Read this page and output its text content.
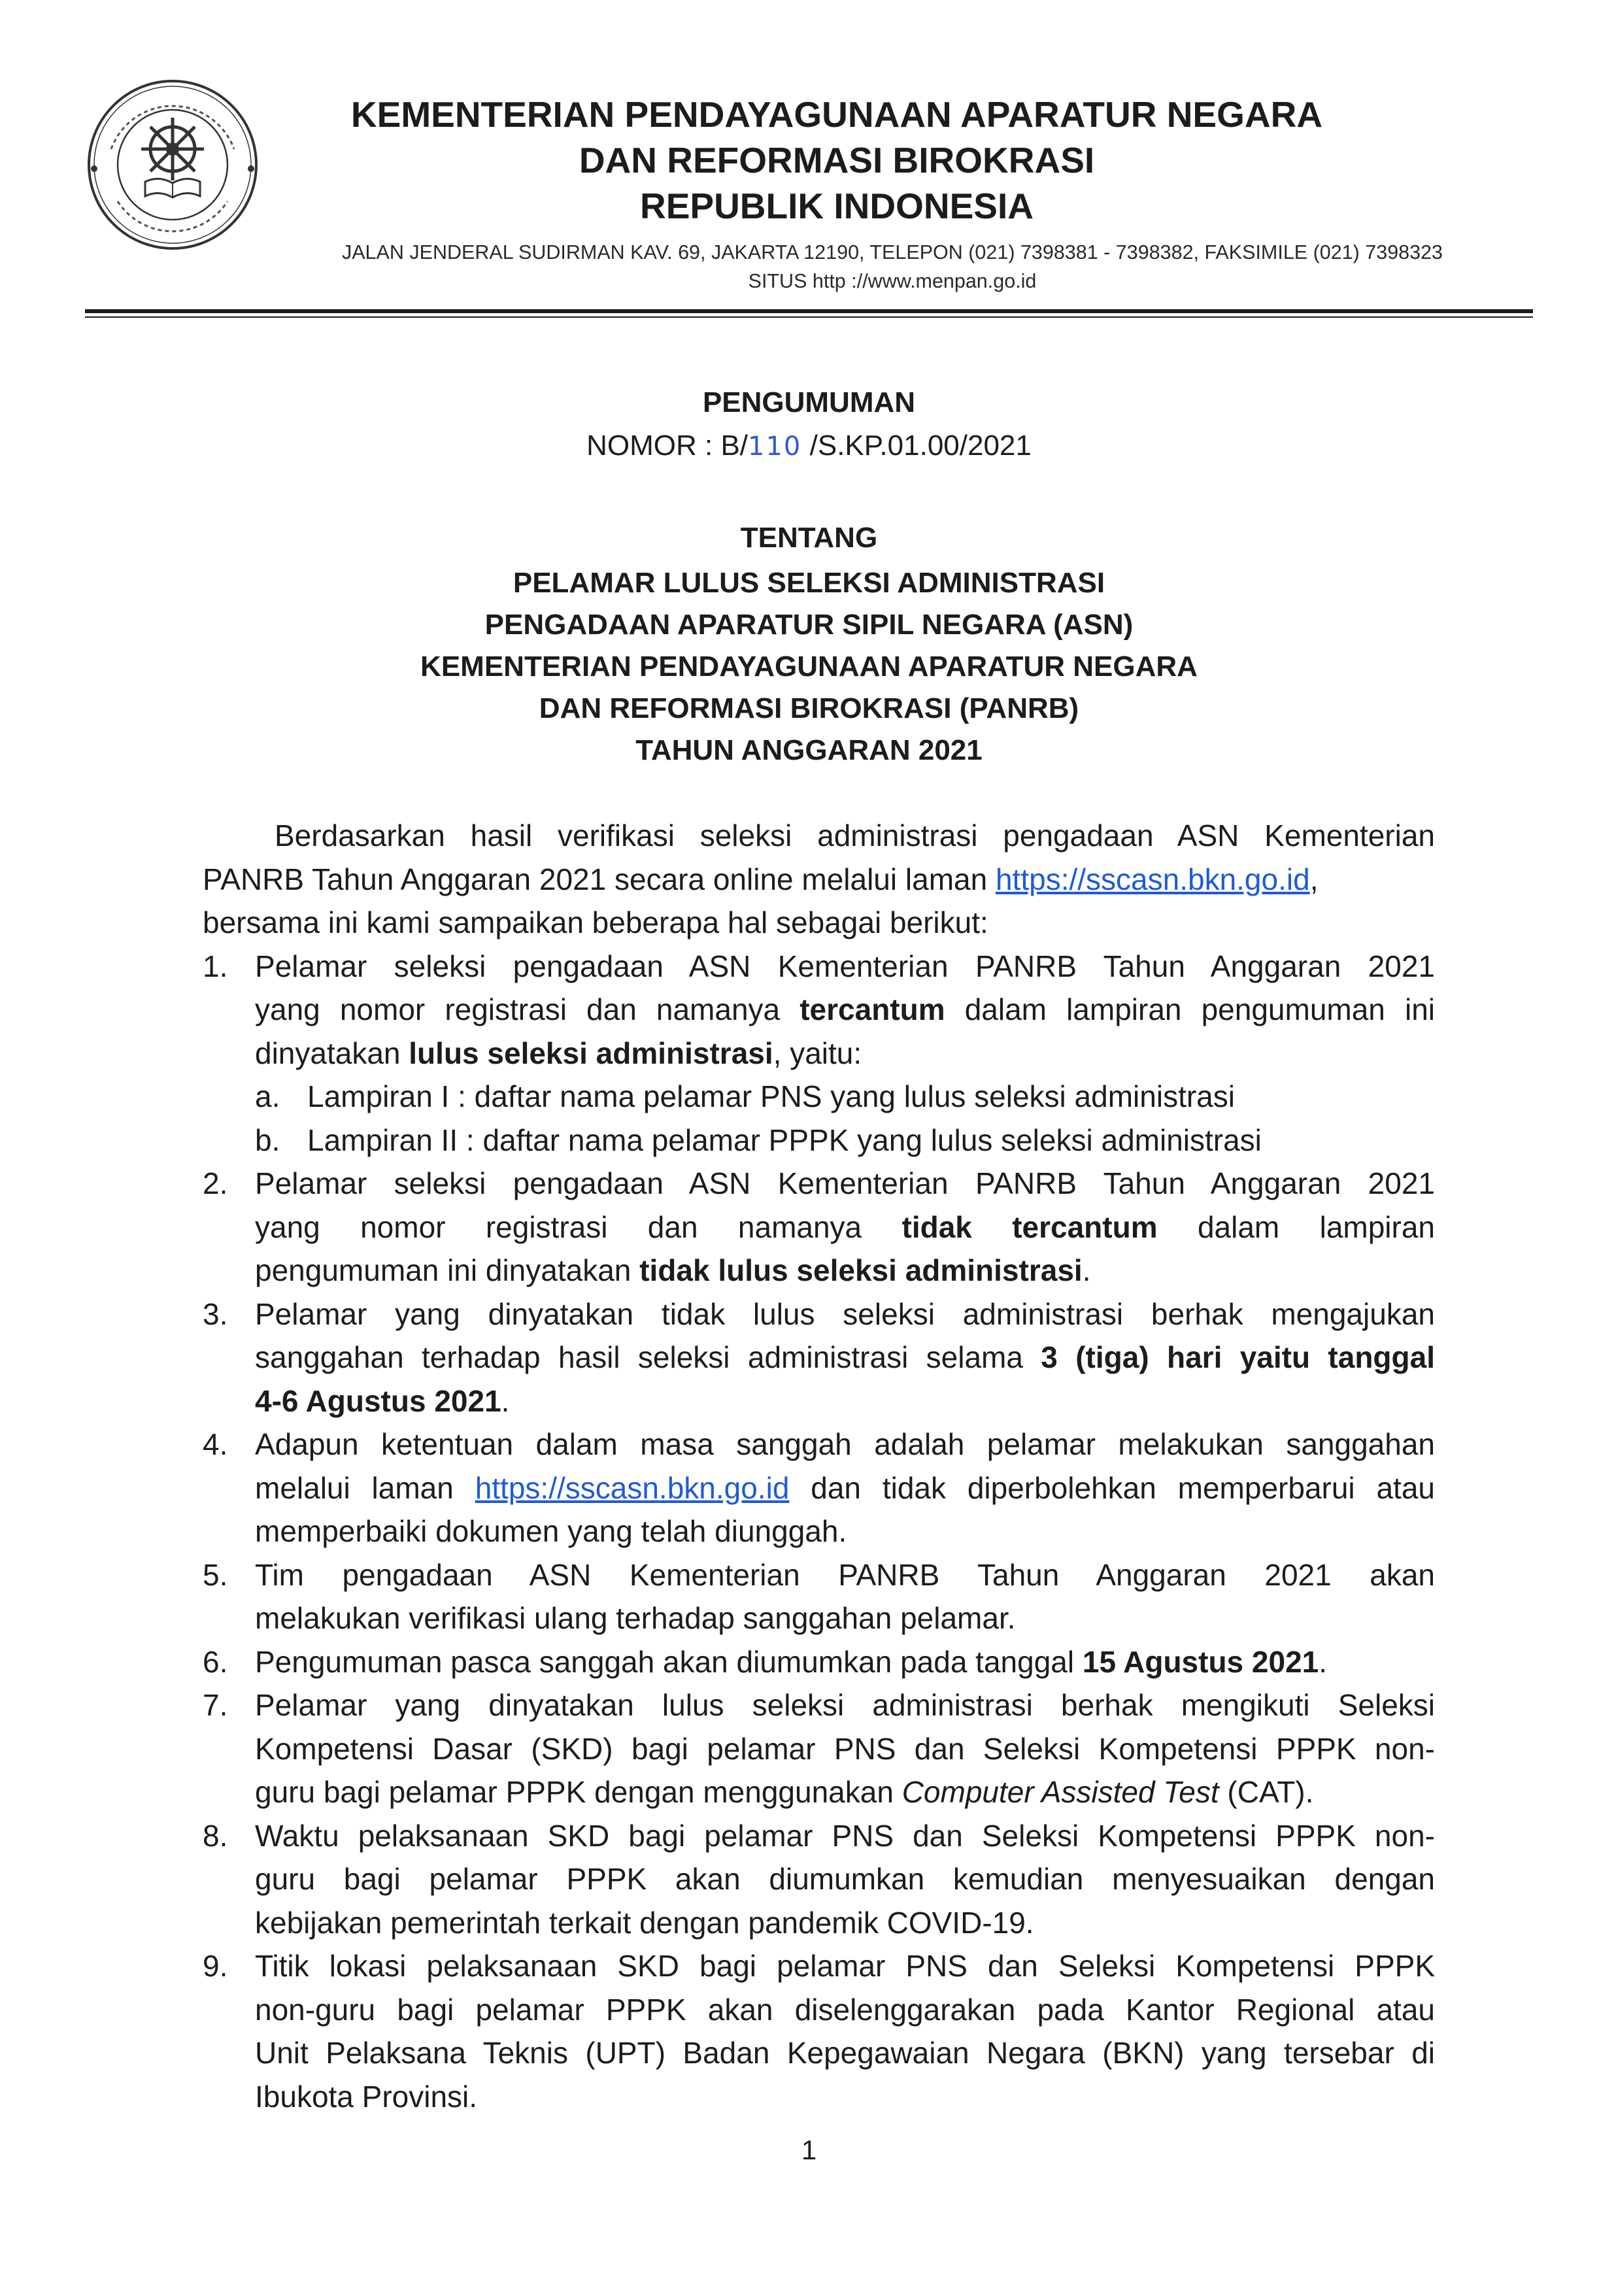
KEMENTERIAN PENDAYAGUNAAN APARATUR NEGARA
DAN REFORMASI BIROKRASI
REPUBLIK INDONESIA
JALAN JENDERAL SUDIRMAN KAV. 69, JAKARTA 12190, TELEPON (021) 7398381 - 7398382, FAKSIMILE (021) 7398323
SITUS http ://www.menpan.go.id
PENGUMUMAN
NOMOR : B/110 /S.KP.01.00/2021
TENTANG
PELAMAR LULUS SELEKSI ADMINISTRASI
PENGADAAN APARATUR SIPIL NEGARA (ASN)
KEMENTERIAN PENDAYAGUNAAN APARATUR NEGARA
DAN REFORMASI BIROKRASI (PANRB)
TAHUN ANGGARAN 2021
Berdasarkan hasil verifikasi seleksi administrasi pengadaan ASN Kementerian
PANRB Tahun Anggaran 2021 secara online melalui laman https://sscasn.bkn.go.id,
bersama ini kami sampaikan beberapa hal sebagai berikut:
1. Pelamar seleksi pengadaan ASN Kementerian PANRB Tahun Anggaran 2021
yang nomor registrasi dan namanya tercantum dalam lampiran pengumuman ini
dinyatakan lulus seleksi administrasi, yaitu:
a. Lampiran I : daftar nama pelamar PNS yang lulus seleksi administrasi
b. Lampiran II : daftar nama pelamar PPPK yang lulus seleksi administrasi
2. Pelamar seleksi pengadaan ASN Kementerian PANRB Tahun Anggaran 2021
yang nomor registrasi dan namanya tidak tercantum dalam lampiran
pengumuman ini dinyatakan tidak lulus seleksi administrasi.
3. Pelamar yang dinyatakan tidak lulus seleksi administrasi berhak mengajukan
sanggahan terhadap hasil seleksi administrasi selama 3 (tiga) hari yaitu tanggal
4-6 Agustus 2021.
4. Adapun ketentuan dalam masa sanggah adalah pelamar melakukan sanggahan
melalui laman https://sscasn.bkn.go.id dan tidak diperbolehkan memperbarui atau
memperbaiki dokumen yang telah diunggah.
5. Tim pengadaan ASN Kementerian PANRB Tahun Anggaran 2021 akan
melakukan verifikasi ulang terhadap sanggahan pelamar.
6. Pengumuman pasca sanggah akan diumumkan pada tanggal 15 Agustus 2021.
7. Pelamar yang dinyatakan lulus seleksi administrasi berhak mengikuti Seleksi
Kompetensi Dasar (SKD) bagi pelamar PNS dan Seleksi Kompetensi PPPK non-
guru bagi pelamar PPPK dengan menggunakan Computer Assisted Test (CAT).
8. Waktu pelaksanaan SKD bagi pelamar PNS dan Seleksi Kompetensi PPPK non-
guru bagi pelamar PPPK akan diumumkan kemudian menyesuaikan dengan
kebijakan pemerintah terkait dengan pandemik COVID-19.
9. Titik lokasi pelaksanaan SKD bagi pelamar PNS dan Seleksi Kompetensi PPPK
non-guru bagi pelamar PPPK akan diselenggarakan pada Kantor Regional atau
Unit Pelaksana Teknis (UPT) Badan Kepegawaian Negara (BKN) yang tersebar di
Ibukota Provinsi.
1
